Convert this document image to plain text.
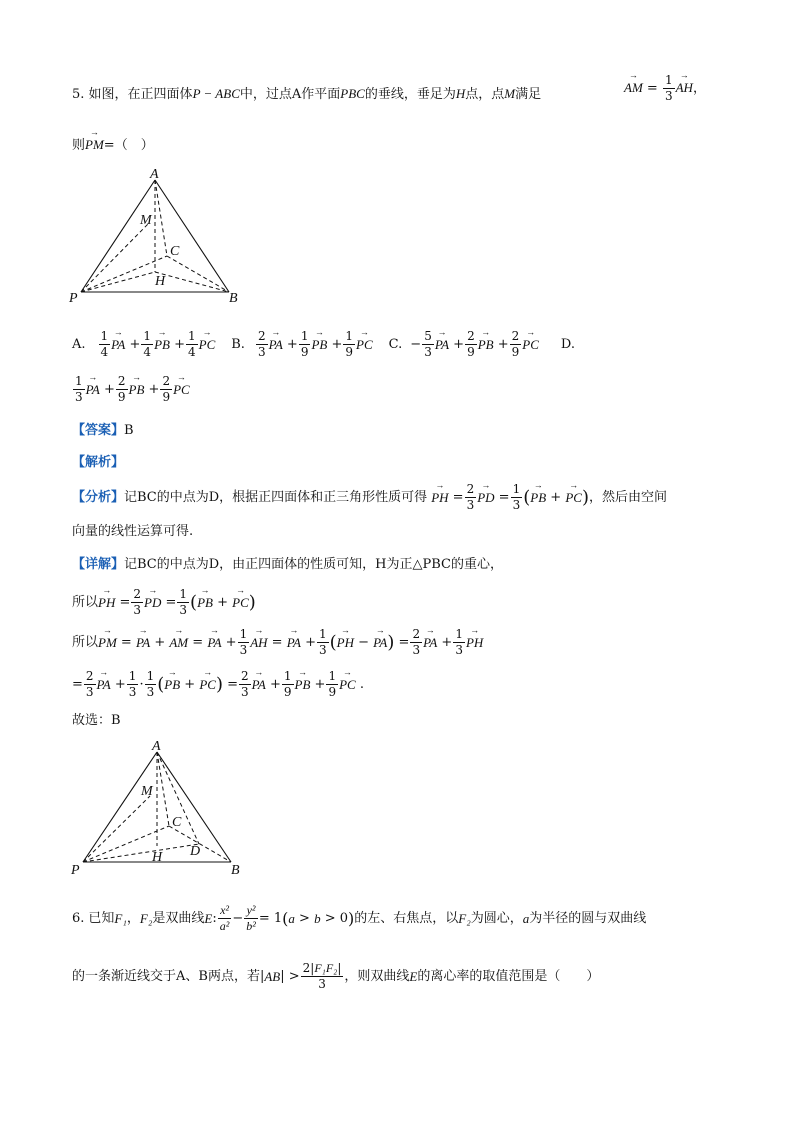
5. 如图，在正四面体P − ABC中，过点A作平面PBC的垂线，垂足为H点，点M满足	→ AM = $\frac{1}{3}$ → AH，
则→ PM=（　）
A
M
C
H
P	B
A. $\frac{1}{4}$ → PA + $\frac{1}{4}$ → PB + $\frac{1}{4}$ → PC B. $\frac{2}{3}$ → PA + $\frac{1}{9}$ → PB + $\frac{1}{9}$ → PC C. − $\frac{5}{3}$ → PA + $\frac{2}{9}$ → PB + $\frac{2}{9}$ → PC D.
$\frac{1}{3}$ → PA + $\frac{2}{9}$ → PB + $\frac{2}{9}$ → PC
【答案】B
【解析】
【分析】 记BC的中点为D，根据正四面体和正三角形性质可得 → PH = $\frac{2}{3}$ → PD = $\frac{1}{3}$ ( → PB + → PC ) ，然后由空间
向量的线性运算可得.
【详解】记BC的中点为D，由正四面体的性质可知，H为正△PBC的重心，
所以 → PH = $\frac{2}{3}$ → PD = $\frac{1}{3}$ ( → PB + → PC )
所以 → PM = → PA + → AM = → PA + $\frac{1}{3}$ → AH = → PA + $\frac{1}{3}$ ( → PH − → PA ) = $\frac{2}{3}$ → PA + $\frac{1}{3}$ → PH
= $\frac{2}{3}$ → PA + $\frac{1}{3} \cdot \frac{1}{3}$ ( → PB + → PC ) = $\frac{2}{3}$ → PA + $\frac{1}{9}$ → PB + $\frac{1}{9}$ → PC .
故选：B
A
M
C
H D
P	B
6. 已知 F₁ ， F₂ 是双曲线 E : $\frac{\text{x²}}{\text{a²}} - \frac{\text{y²}}{\text{b²}} = 1$ ( a > b > 0 ) 的左、右焦点，以 F₂ 为圆心， a 为半径的圆与双曲线
的一条渐近线交于A、B两点，若 | AB | > $\frac{\text{2|F₁F₂|}}{3}$ ，则双曲线 E 的离心率的取值范围是（　　）
